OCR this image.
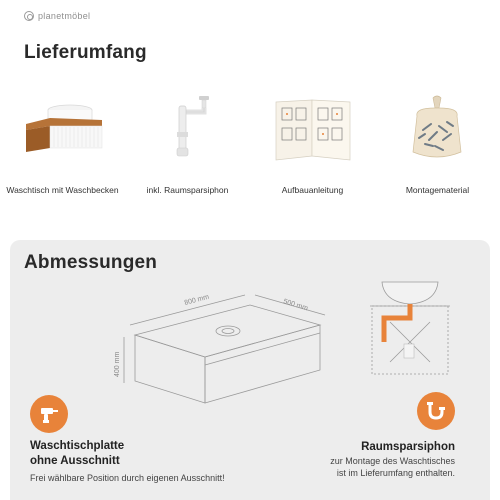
planetmöbel
Lieferumfang
Waschtisch mit Waschbecken	inkl. Raumsparsiphon	Aufbauanleitung	Montagematerial
Abmessungen
800 mm	500 mm
400 mm
Waschtischplatte
ohne Ausschnitt
Frei wählbare Position durch eigenen Ausschnitt!
Raumsparsiphon
zur Montage des Waschtisches
ist im Lieferumfang enthalten.
